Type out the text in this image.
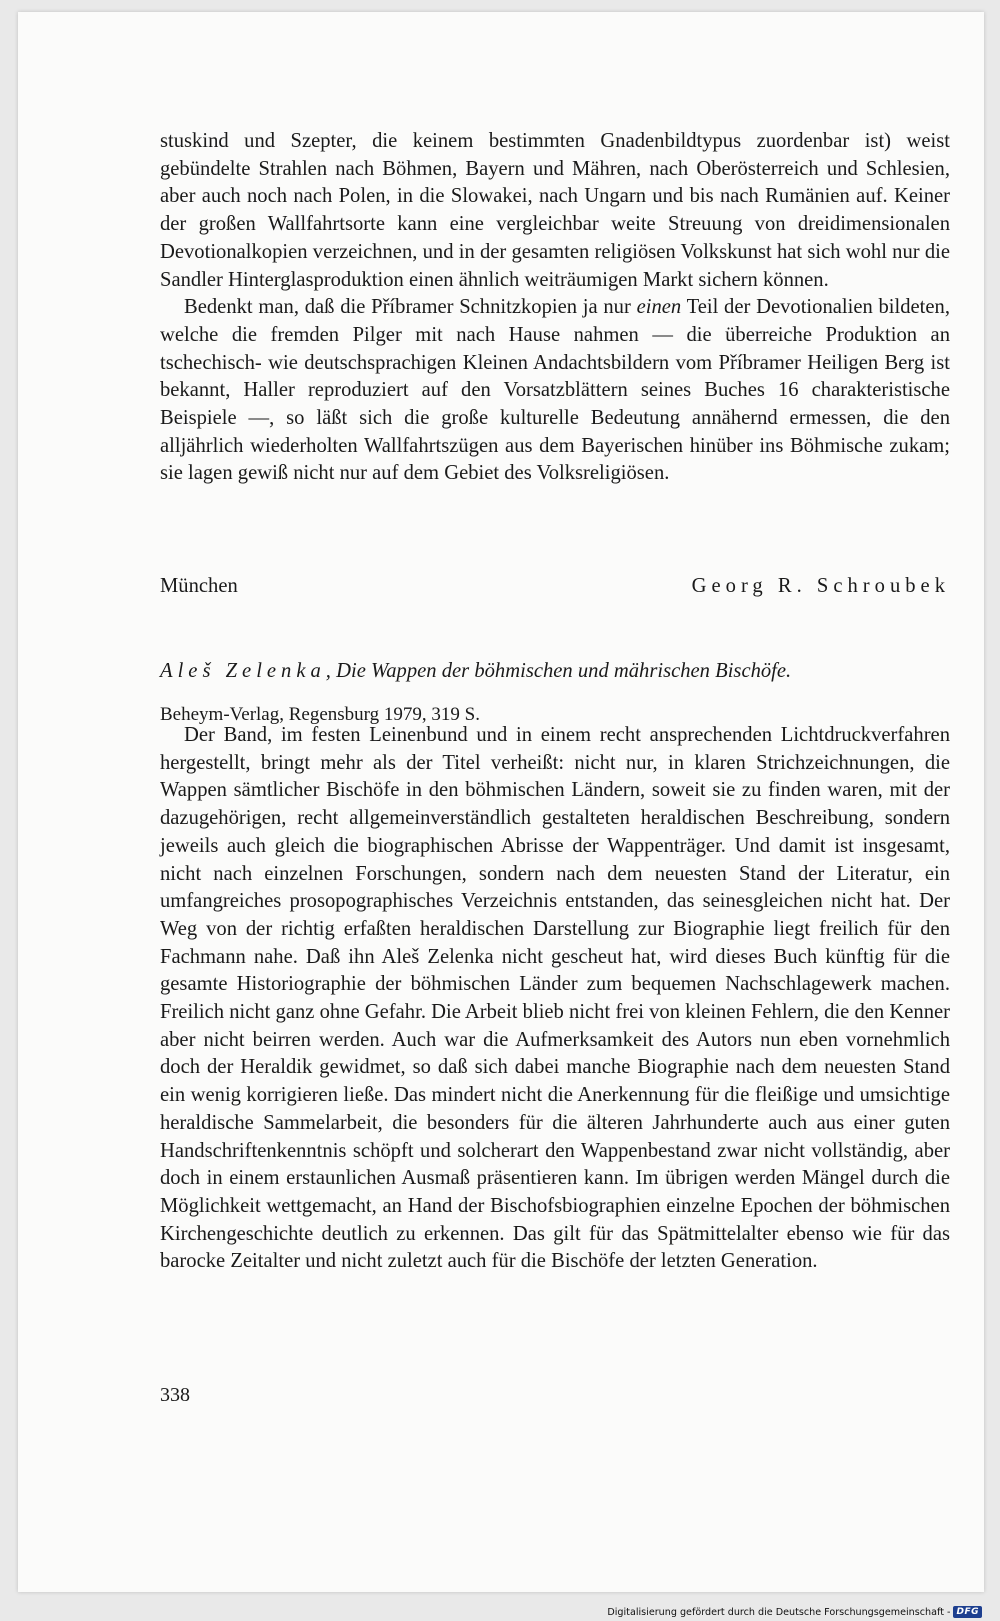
stuskind und Szepter, die keinem bestimmten Gnadenbildtypus zuordenbar ist) weist gebündelte Strahlen nach Böhmen, Bayern und Mähren, nach Oberösterreich und Schlesien, aber auch noch nach Polen, in die Slowakei, nach Ungarn und bis nach Rumänien auf. Keiner der großen Wallfahrtsorte kann eine vergleichbar weite Streuung von dreidimensionalen Devotionalkopien verzeichnen, und in der gesamten religiösen Volkskunst hat sich wohl nur die Sandler Hinterglasproduktion einen ähnlich weiträumigen Markt sichern können.

Bedenkt man, daß die Příbramer Schnitzkopien ja nur einen Teil der Devotionalien bildeten, welche die fremden Pilger mit nach Hause nahmen — die überreiche Produktion an tschechisch- wie deutschsprachigen Kleinen Andachtsbildern vom Příbramer Heiligen Berg ist bekannt, Haller reproduziert auf den Vorsatzblättern seines Buches 16 charakteristische Beispiele —, so läßt sich die große kulturelle Bedeutung annähernd ermessen, die den alljährlich wiederholten Wallfahrtszügen aus dem Bayerischen hinüber ins Böhmische zukam; sie lagen gewiß nicht nur auf dem Gebiet des Volksreligiösen.

München	Georg R. Schroubek
Aleš Zelenka, Die Wappen der böhmischen und mährischen Bischöfe.
Beheym-Verlag, Regensburg 1979, 319 S.

Der Band, im festen Leinenbund und in einem recht ansprechenden Lichtdruckverfahren hergestellt, bringt mehr als der Titel verheißt: nicht nur, in klaren Strichzeichnungen, die Wappen sämtlicher Bischöfe in den böhmischen Ländern, soweit sie zu finden waren, mit der dazugehörigen, recht allgemeinverständlich gestalteten heraldischen Beschreibung, sondern jeweils auch gleich die biographischen Abrisse der Wappenträger. Und damit ist insgesamt, nicht nach einzelnen Forschungen, sondern nach dem neuesten Stand der Literatur, ein umfangreiches prosopographisches Verzeichnis entstanden, das seinesgleichen nicht hat. Der Weg von der richtig erfaßten heraldischen Darstellung zur Biographie liegt freilich für den Fachmann nahe. Daß ihn Aleš Zelenka nicht gescheut hat, wird dieses Buch künftig für die gesamte Historiographie der böhmischen Länder zum bequemen Nachschlagewerk machen. Freilich nicht ganz ohne Gefahr. Die Arbeit blieb nicht frei von kleinen Fehlern, die den Kenner aber nicht beirren werden. Auch war die Aufmerksamkeit des Autors nun eben vornehmlich doch der Heraldik gewidmet, so daß sich dabei manche Biographie nach dem neuesten Stand ein wenig korrigieren ließe. Das mindert nicht die Anerkennung für die fleißige und umsichtige heraldische Sammelarbeit, die besonders für die älteren Jahrhunderte auch aus einer guten Handschriftenkenntnis schöpft und solcherart den Wappenbestand zwar nicht vollständig, aber doch in einem erstaunlichen Ausmaß präsentieren kann. Im übrigen werden Mängel durch die Möglichkeit wettgemacht, an Hand der Bischofsbiographien einzelne Epochen der böhmischen Kirchengeschichte deutlich zu erkennen. Das gilt für das Spätmittelalter ebenso wie für das barocke Zeitalter und nicht zuletzt auch für die Bischöfe der letzten Generation.

338
Digitalisierung gefördert durch die Deutsche Forschungsgemeinschaft - DFG
